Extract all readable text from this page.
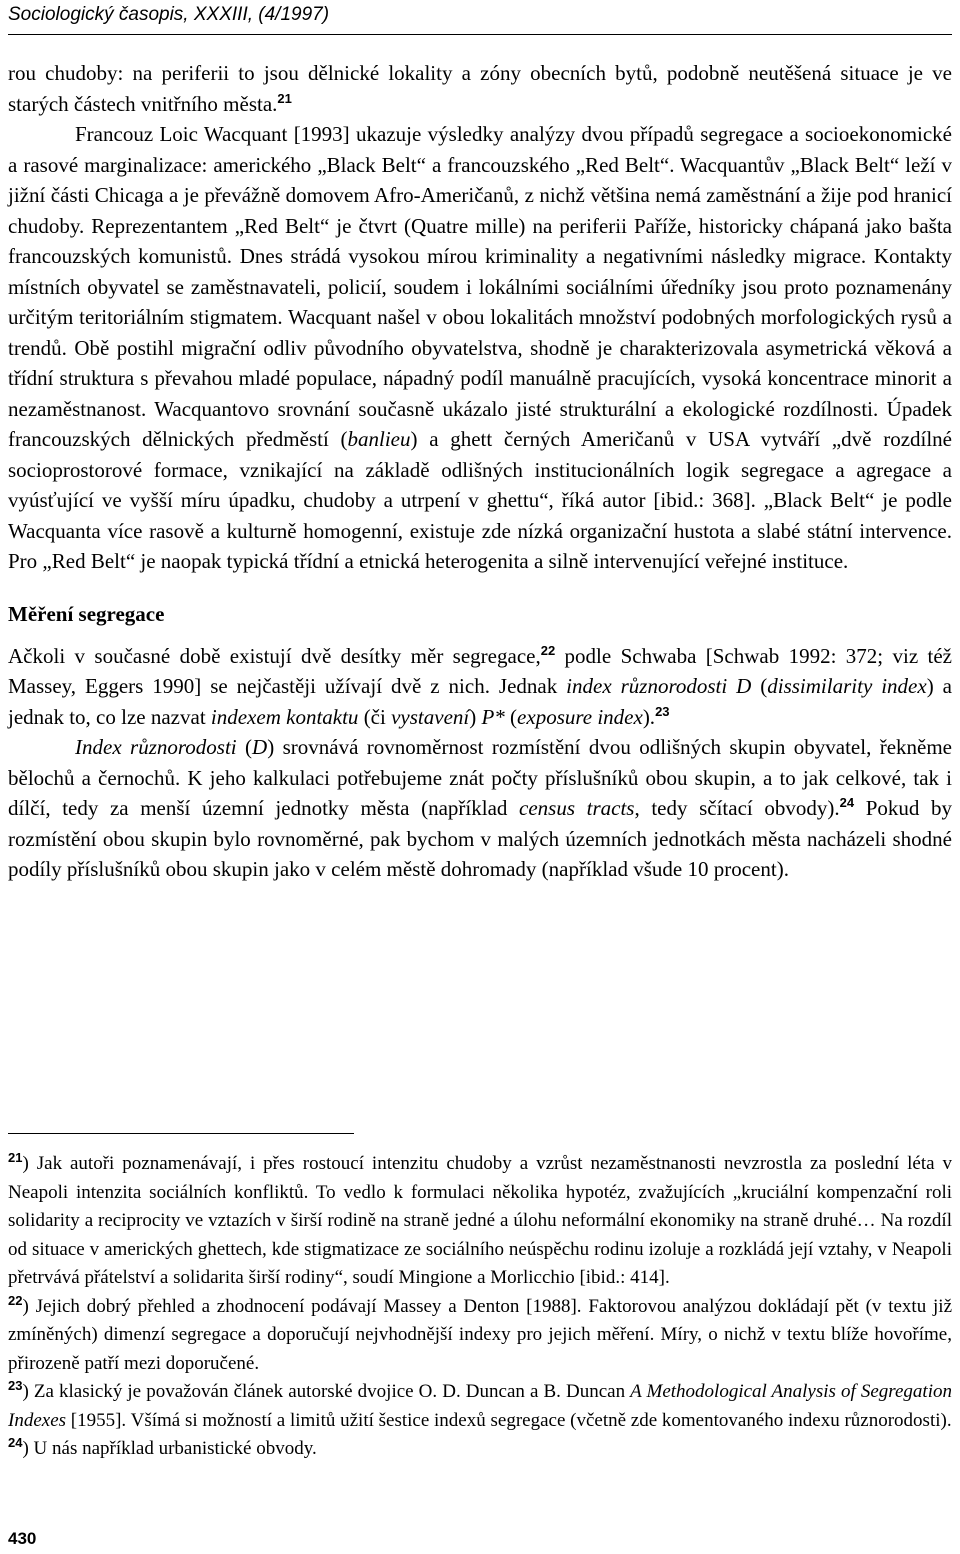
Sociologický časopis, XXXIII, (4/1997)

rou chudoby: na periferii to jsou dělnické lokality a zóny obecních bytů, podobně neutěšená situace je ve starých částech vnitřního města.$^{21}$

Francouz Loic Wacquant [1993] ukazuje výsledky analýzy dvou případů segregace a socioekonomické a rasové marginalizace: amerického „Black Belt“ a francouzského „Red Belt“. Wacquantův „Black Belt“ leží v jižní části Chicaga a je převážně domovem Afro-Američanů, z nichž většina nemá zaměstnání a žije pod hranicí chudoby. Reprezentantem „Red Belt“ je čtvrt (Quatre mille) na periferii Paříže, historicky chápaná jako bašta francouzských komunistů. Dnes strádá vysokou mírou kriminality a negativními následky migrace. Kontakty místních obyvatel se zaměstnavateli, policií, soudem i lokálními sociálními úředníky jsou proto poznamenány určitým teritoriálním stigmatem. Wacquant našel v obou lokalitách množství podobných morfologických rysů a trendů. Obě postihl migrační odliv původního obyvatelstva, shodně je charakterizovala asymetrická věková a třídní struktura s převahou mladé populace, nápadný podíl manuálně pracujících, vysoká koncentrace minorit a nezaměstnanost. Wacquantovo srovnání současně ukázalo jisté strukturální a ekologické rozdílnosti. Úpadek francouzských dělnických předměstí (banlieu) a ghett černých Američanů v USA vytváří „dvě rozdílné socioprostorové formace, vznikající na základě odlišných institucionálních logik segregace a agregace a vyúsťující ve vyšší míru úpadku, chudoby a utrpení v ghettu“, říká autor [ibid.: 368]. „Black Belt“ je podle Wacquanta více rasově a kulturně homogenní, existuje zde nízká organizační hustota a slabé státní intervence. Pro „Red Belt“ je naopak typická třídní a etnická heterogenita a silně intervenující veřejné instituce.

Měření segregace

Ačkoli v současné době existují dvě desítky měr segregace,$^{22}$ podle Schwaba [Schwab 1992: 372; viz též Massey, Eggers 1990] se nejčastěji užívají dvě z nich. Jednak index různorodosti D (dissimilarity index) a jednak to, co lze nazvat indexem kontaktu (či vystavení) P* (exposure index).$^{23}$

Index různorodosti (D) srovnává rovnoměrnost rozmístění dvou odlišných skupin obyvatel, řekněme bělochů a černochů. K jeho kalkulaci potřebujeme znát počty příslušníků obou skupin, a to jak celkové, tak i dílčí, tedy za menší územní jednotky města (například census tracts, tedy sčítací obvody).$^{24}$ Pokud by rozmístění obou skupin bylo rovnoměrné, pak bychom v malých územních jednotkách města nacházeli shodné podíly příslušníků obou skupin jako v celém městě dohromady (například všude 10 procent).

$^{21}$) Jak autoři poznamenávají, i přes rostoucí intenzitu chudoby a vzrůst nezaměstnanosti nevzrostla za poslední léta v Neapoli intenzita sociálních konfliktů. To vedlo k formulaci několika hypotéz, zvažujících „kruciální kompenzační roli solidarity a reciprocity ve vztazích v širší rodině na straně jedné a úlohu neformální ekonomiky na straně druhé… Na rozdíl od situace v amerických ghettech, kde stigmatizace ze sociálního neúspěchu rodinu izoluje a rozkládá její vztahy, v Neapoli přetrvává přátelství a solidarita širší rodiny“, soudí Mingione a Morlicchio [ibid.: 414].

$^{22}$) Jejich dobrý přehled a zhodnocení podávají Massey a Denton [1988]. Faktorovou analýzou dokládají pět (v textu již zmíněných) dimenzí segregace a doporučují nejvhodnější indexy pro jejich měření. Míry, o nichž v textu blíže hovoříme, přirozeně patří mezi doporučené.

$^{23}$) Za klasický je považován článek autorské dvojice O. D. Duncan a B. Duncan A Methodological Analysis of Segregation Indexes [1955]. Všímá si možností a limitů užití šestice indexů segregace (včetně zde komentovaného indexu různorodosti).

$^{24}$) U nás například urbanistické obvody.

430
